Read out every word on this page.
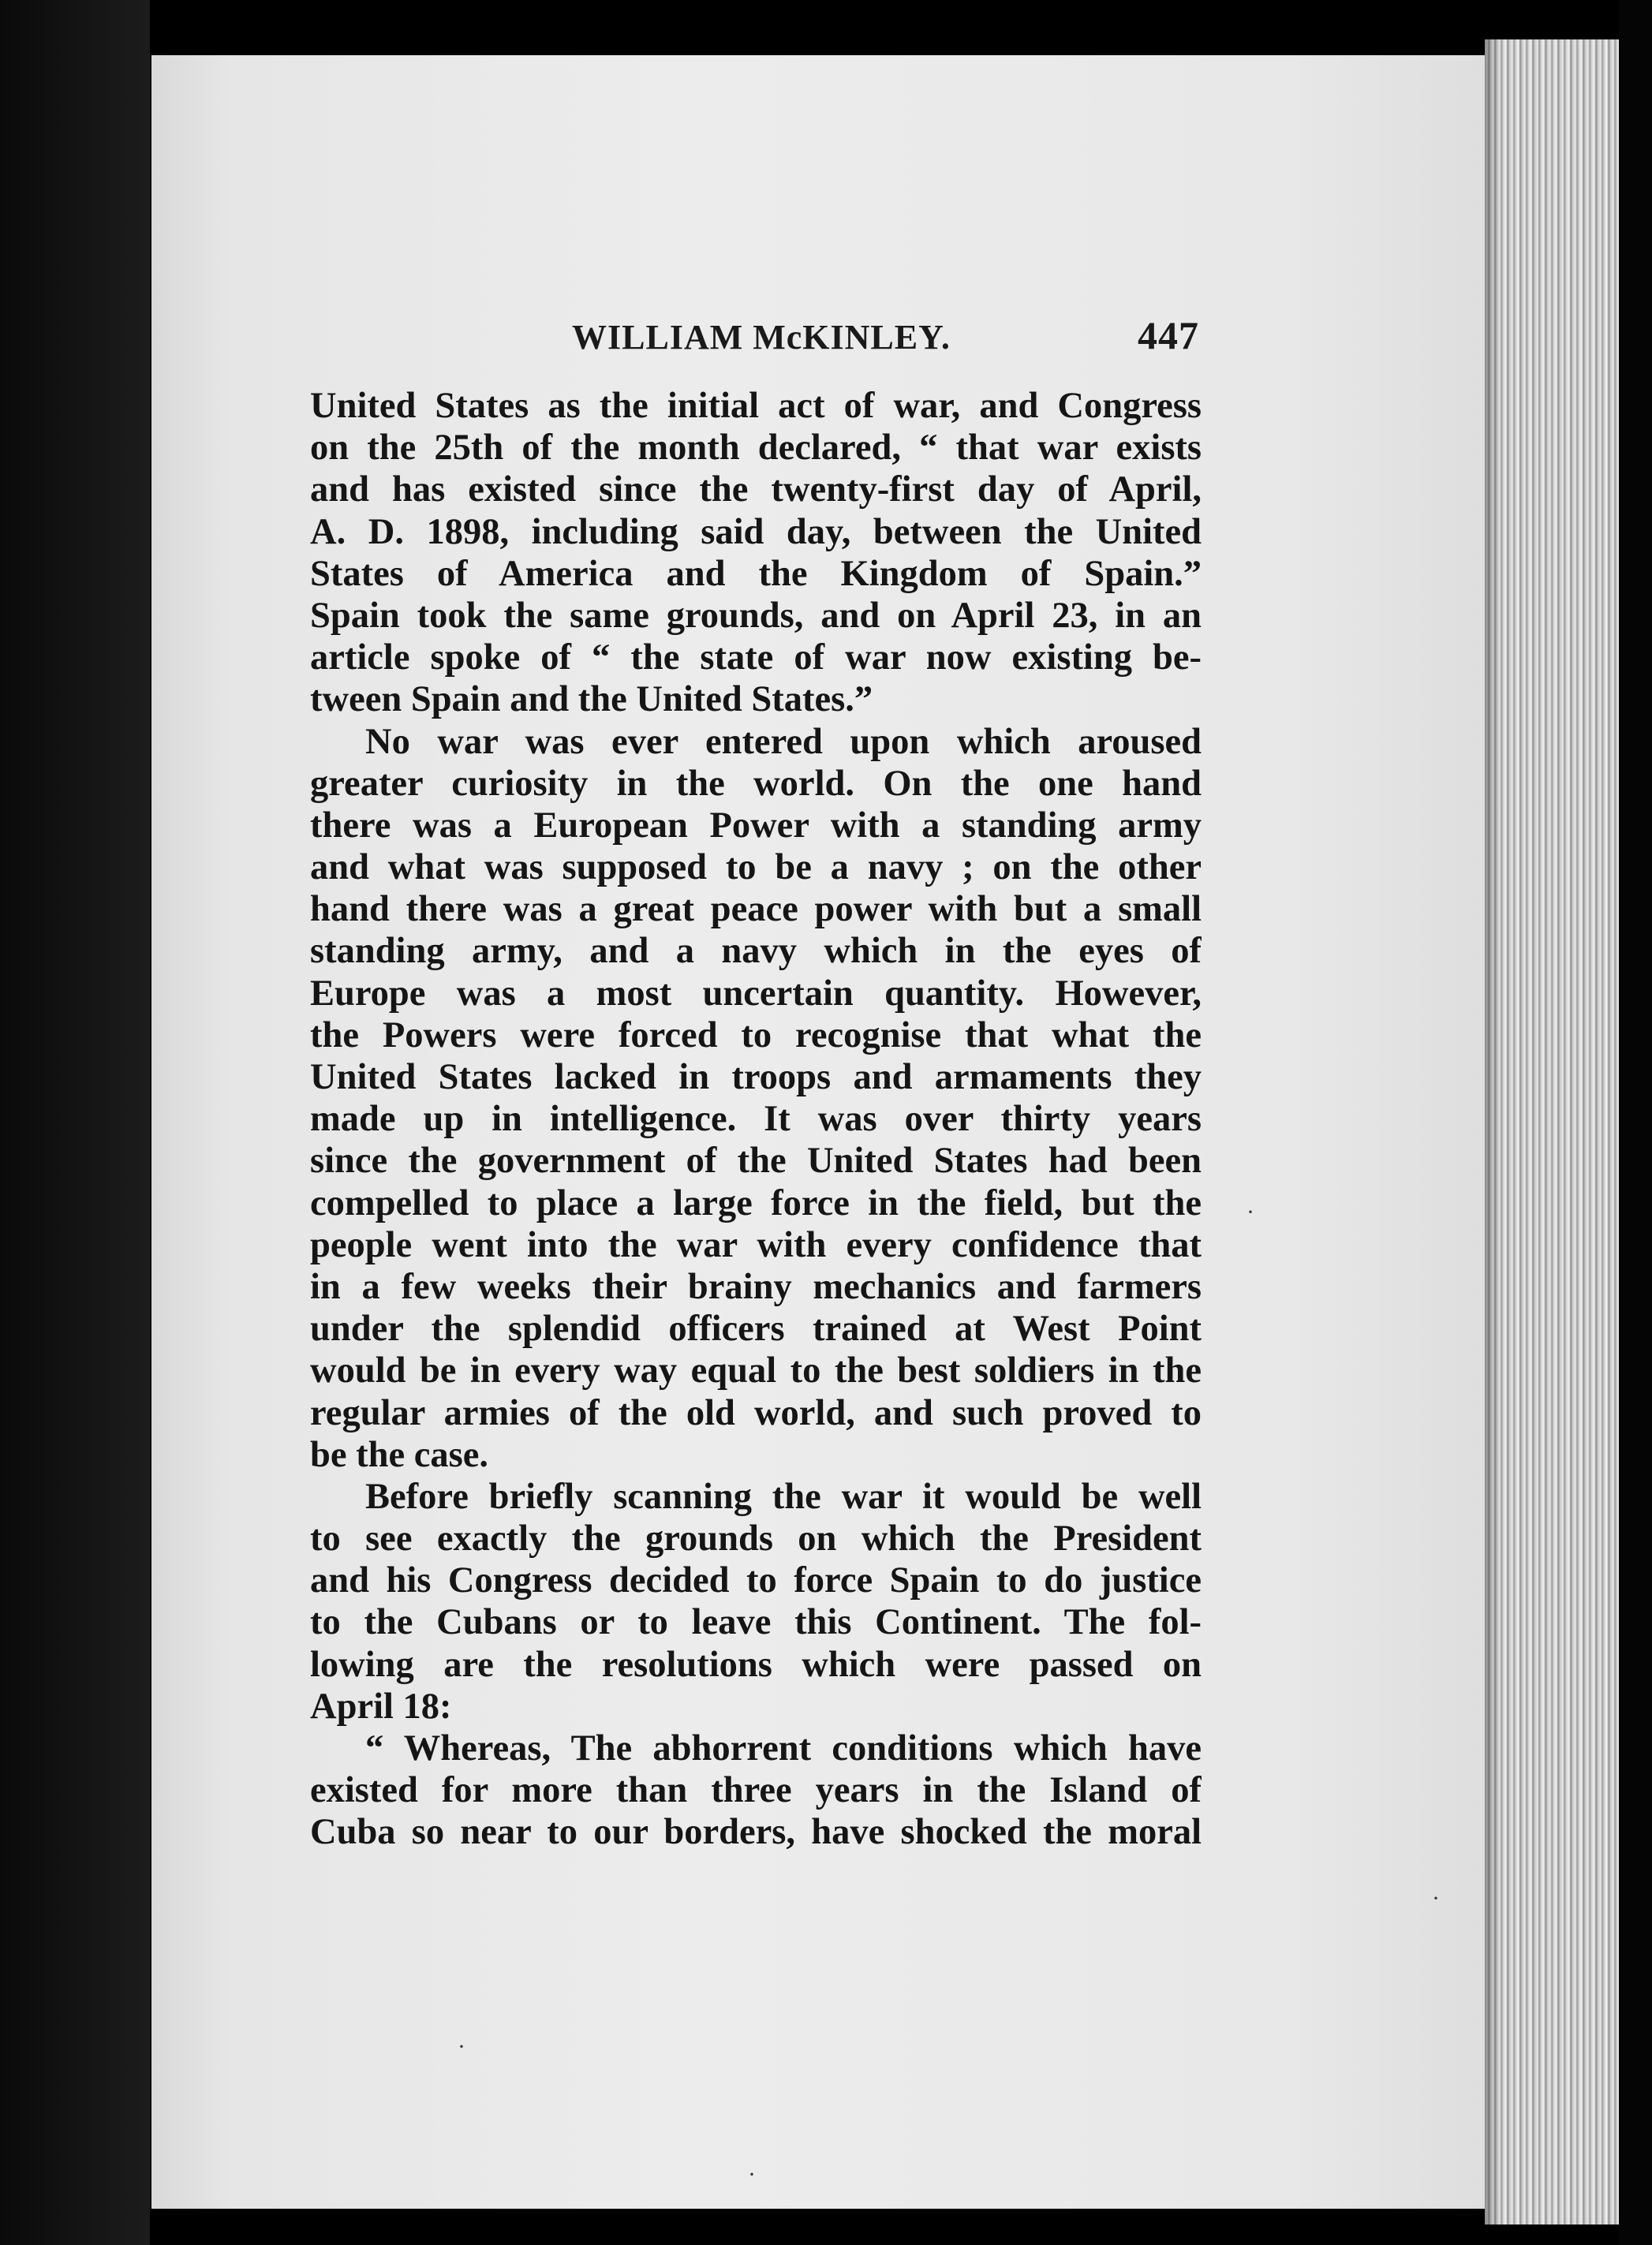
WILLIAM McKINLEY.	447
United States as the initial act of war, and Congress
on the 25th of the month declared, “ that war exists
and has existed since the twenty-first day of April,
A. D. 1898, including said day, between the United
States of America and the Kingdom of Spain.”
Spain took the same grounds, and on April 23, in an
article spoke of “ the state of war now existing be-
tween Spain and the United States.”
No war was ever entered upon which aroused
greater curiosity in the world. On the one hand
there was a European Power with a standing army
and what was supposed to be a navy ; on the other
hand there was a great peace power with but a small
standing army, and a navy which in the eyes of
Europe was a most uncertain quantity. However,
the Powers were forced to recognise that what the
United States lacked in troops and armaments they
made up in intelligence. It was over thirty years
since the government of the United States had been
compelled to place a large force in the field, but the
people went into the war with every confidence that
in a few weeks their brainy mechanics and farmers
under the splendid officers trained at West Point
would be in every way equal to the best soldiers in the
regular armies of the old world, and such proved to
be the case.
Before briefly scanning the war it would be well
to see exactly the grounds on which the President
and his Congress decided to force Spain to do justice
to the Cubans or to leave this Continent. The fol-
lowing are the resolutions which were passed on
April 18:
“ Whereas, The abhorrent conditions which have
existed for more than three years in the Island of
Cuba so near to our borders, have shocked the moral
·
·
·
·
